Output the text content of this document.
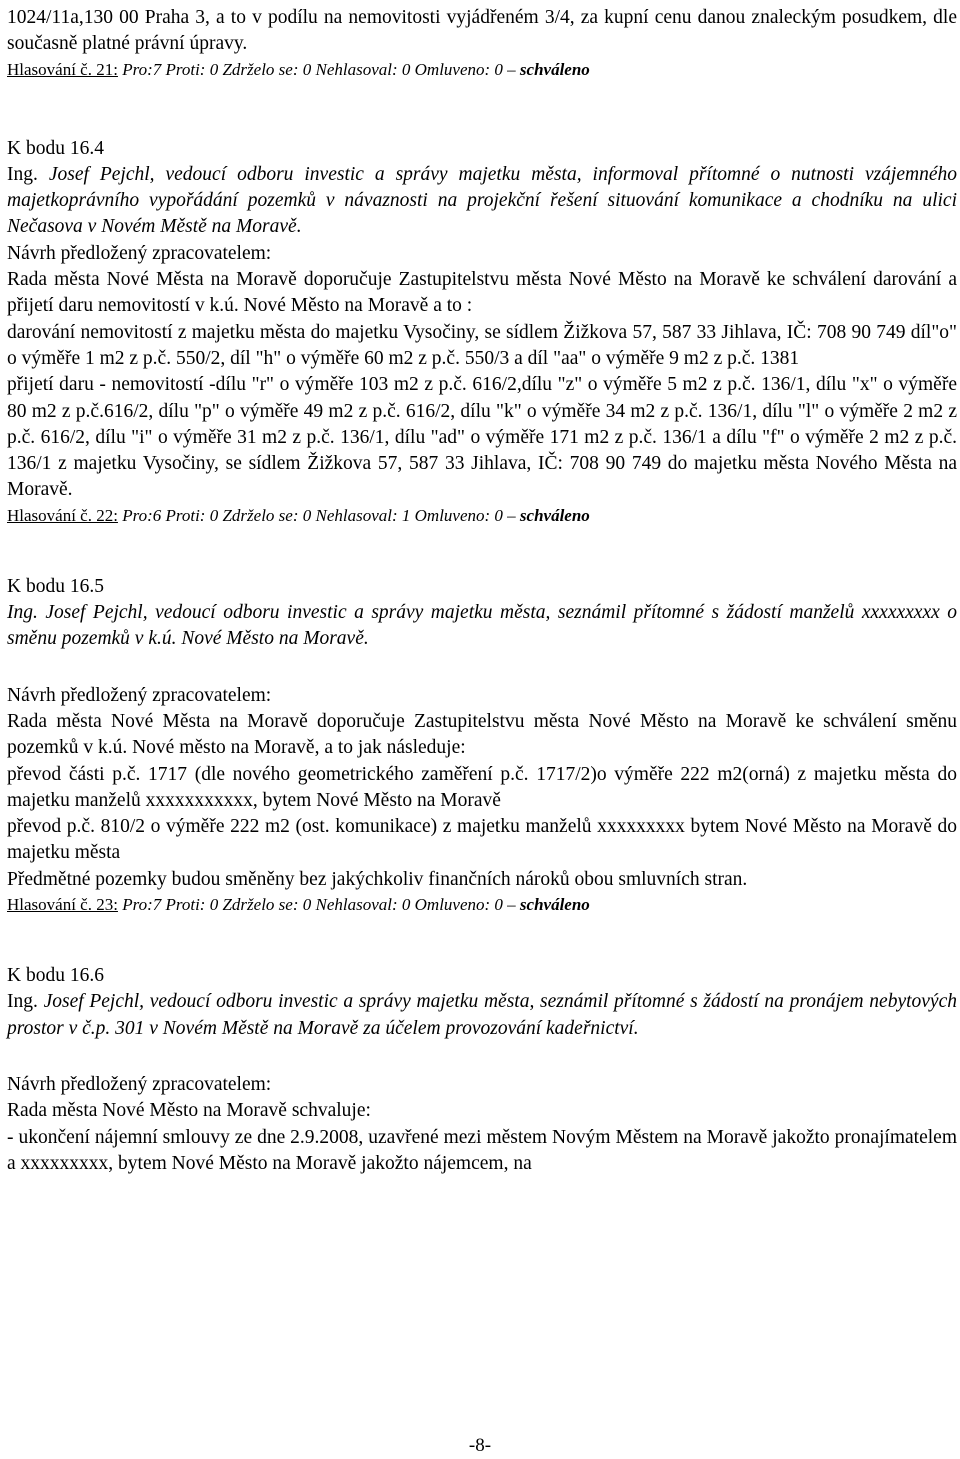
1024/11a,130 00 Praha 3, a to v podílu na nemovitosti vyjádřeném 3/4, za kupní cenu danou znaleckým posudkem, dle současně platné právní úpravy.

Hlasování č. 21: Pro:7 Proti: 0 Zdrželo se: 0 Nehlasoval: 0 Omluveno: 0 – schváleno

K bodu 16.4

Ing. Josef Pejchl, vedoucí odboru investic a správy majetku města, informoval přítomné o nutnosti vzájemného majetkoprávního vypořádání pozemků v návaznosti na projekční řešení situování komunikace a chodníku na ulici Nečasova v Novém Městě na Moravě.

Návrh předložený zpracovatelem:

Rada města Nové Města na Moravě doporučuje Zastupitelstvu města Nové Město na Moravě ke schválení darování a přijetí daru nemovitostí v k.ú. Nové Město na Moravě a to :

darování nemovitostí z majetku města do majetku Vysočiny, se sídlem Žižkova 57, 587 33 Jihlava, IČ: 708 90 749 díl"o" o výměře 1 m2 z p.č. 550/2, díl "h" o výměře 60 m2 z p.č. 550/3 a díl "aa" o výměře 9 m2 z p.č. 1381

přijetí daru - nemovitostí -dílu "r" o výměře 103 m2 z p.č. 616/2,dílu "z" o výměře 5 m2 z p.č. 136/1, dílu "x" o výměře 80 m2 z p.č.616/2, dílu "p" o výměře 49 m2 z p.č. 616/2, dílu "k" o výměře 34 m2 z p.č. 136/1, dílu "l" o výměře 2 m2 z p.č. 616/2, dílu "i" o výměře 31 m2 z p.č. 136/1, dílu "ad" o výměře 171 m2 z p.č. 136/1 a dílu "f" o výměře 2 m2 z p.č. 136/1 z majetku Vysočiny, se sídlem Žižkova 57, 587 33 Jihlava, IČ: 708 90 749 do majetku města Nového Města na Moravě.

Hlasování č. 22: Pro:6 Proti: 0 Zdrželo se: 0 Nehlasoval: 1 Omluveno: 0 – schváleno

K bodu 16.5

Ing. Josef Pejchl, vedoucí odboru investic a správy majetku města, seznámil přítomné s žádostí manželů xxxxxxxxx o směnu pozemků v k.ú. Nové Město na Moravě.

Návrh předložený zpracovatelem:

Rada města Nové Města na Moravě doporučuje Zastupitelstvu města Nové Město na Moravě ke schválení směnu pozemků v k.ú. Nové město na Moravě, a to jak následuje:

převod části p.č. 1717 (dle nového geometrického zaměření p.č. 1717/2)o výměře 222 m2(orná) z majetku města do majetku manželů xxxxxxxxxxx, bytem Nové Město na Moravě

převod p.č. 810/2 o výměře 222 m2 (ost. komunikace) z majetku manželů xxxxxxxxx bytem Nové Město na Moravě do majetku města

Předmětné pozemky budou směněny bez jakýchkoliv finančních nároků obou smluvních stran.

Hlasování č. 23: Pro:7 Proti: 0 Zdrželo se: 0 Nehlasoval: 0 Omluveno: 0 – schváleno

K bodu 16.6

Ing. Josef Pejchl, vedoucí odboru investic a správy majetku města, seznámil přítomné s žádostí na pronájem nebytových prostor v č.p. 301 v Novém Městě na Moravě za účelem provozování kadeřnictví.

Návrh předložený zpracovatelem:

Rada města Nové Město na Moravě schvaluje:

- ukončení nájemní smlouvy ze dne 2.9.2008, uzavřené mezi městem Novým Městem na Moravě jakožto pronajímatelem a xxxxxxxxx, bytem Nové Město na Moravě jakožto nájemcem, na

-8-
